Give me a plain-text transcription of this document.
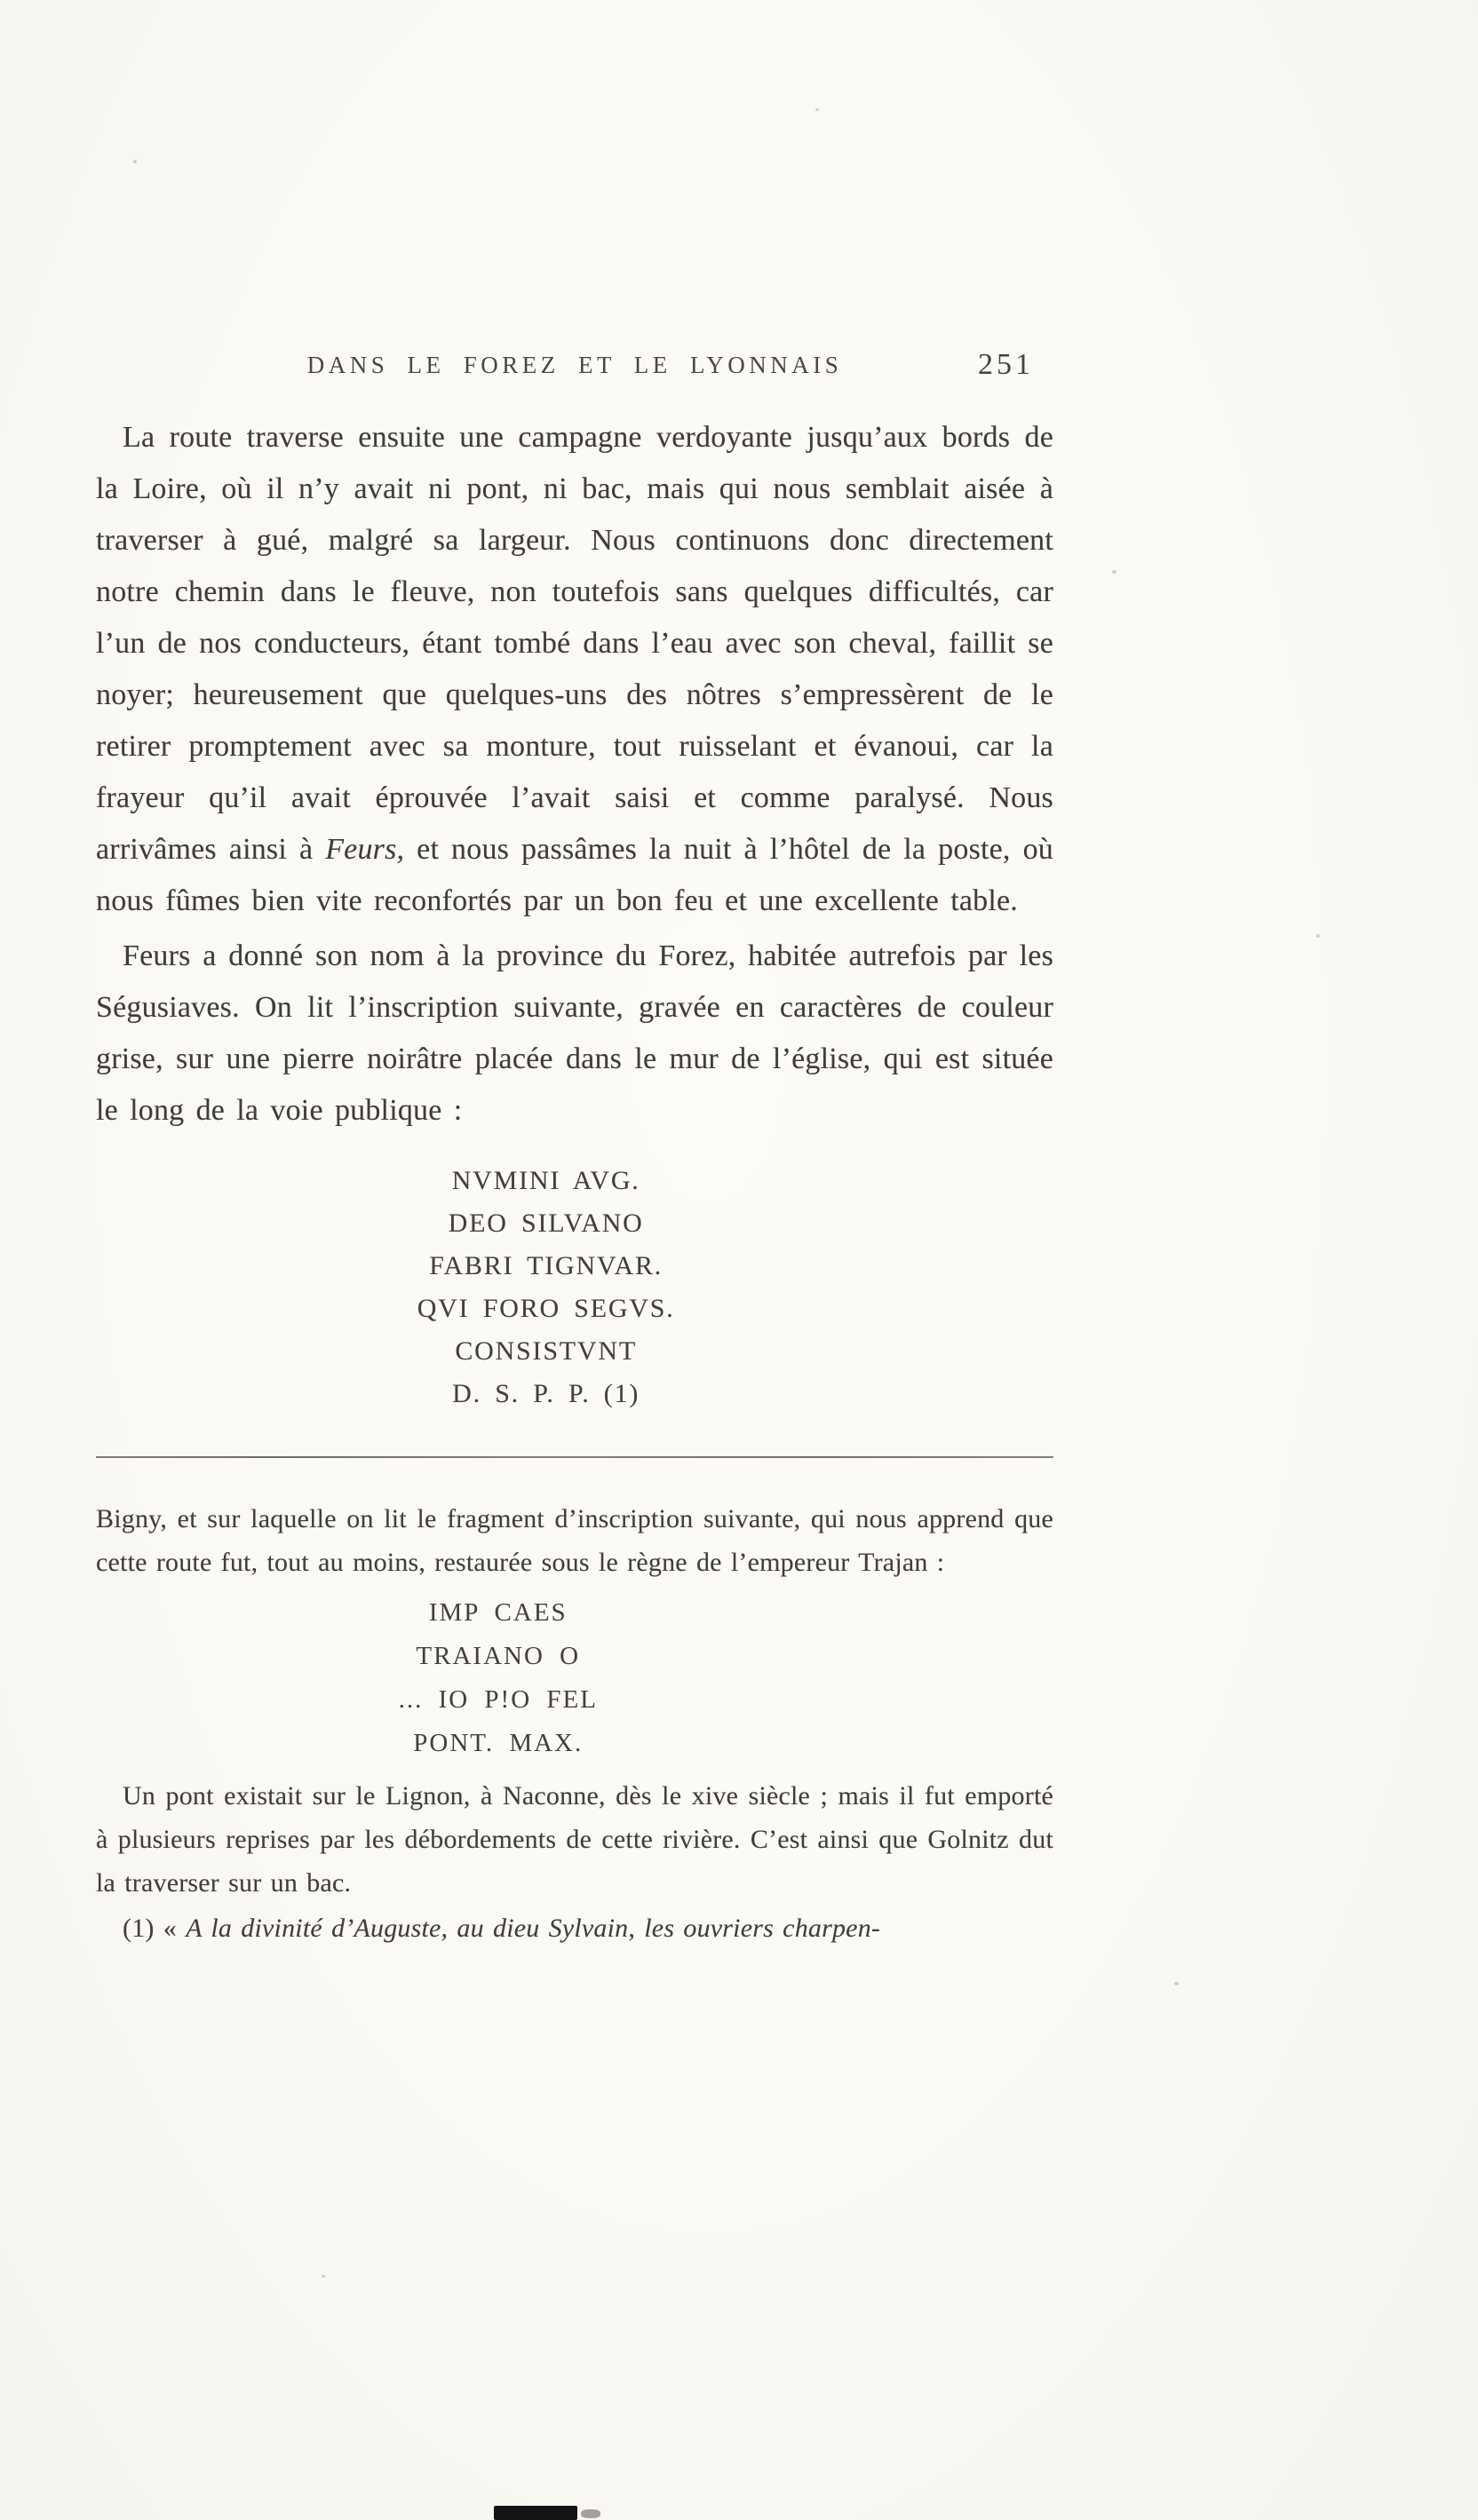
DANS LE FOREZ ET LE LYONNAIS	251

La route traverse ensuite une campagne verdoyante jusqu’aux bords de la Loire, où il n’y avait ni pont, ni bac, mais qui nous semblait aisée à traverser à gué, malgré sa largeur. Nous continuons donc directement notre chemin dans le fleuve, non toutefois sans quelques difficultés, car l’un de nos conducteurs, étant tombé dans l’eau avec son cheval, faillit se noyer; heureusement que quelques-uns des nôtres s’empressèrent de le retirer promptement avec sa monture, tout ruisselant et évanoui, car la frayeur qu’il avait éprouvée l’avait saisi et comme paralysé. Nous arrivâmes ainsi à Feurs, et nous passâmes la nuit à l’hôtel de la poste, où nous fûmes bien vite reconfortés par un bon feu et une excellente table.

Feurs a donné son nom à la province du Forez, habitée autrefois par les Ségusiaves. On lit l’inscription suivante, gravée en caractères de couleur grise, sur une pierre noirâtre placée dans le mur de l’église, qui est située le long de la voie publique :

NVMINI AVG.
DEO SILVANO
FABRI TIGNVAR.
QVI FORO SEGVS.
CONSISTVNT
D. S. P. P. (1)

Bigny, et sur laquelle on lit le fragment d’inscription suivante, qui nous apprend que cette route fut, tout au moins, restaurée sous le règne de l’empereur Trajan :

IMP CAES
TRAIANO O
... IO P!O FEL
PONT. MAX.

Un pont existait sur le Lignon, à Naconne, dès le xive siècle ; mais il fut emporté à plusieurs reprises par les débordements de cette rivière. C’est ainsi que Golnitz dut la traverser sur un bac.

(1) « A la divinité d’Auguste, au dieu Sylvain, les ouvriers charpen-
